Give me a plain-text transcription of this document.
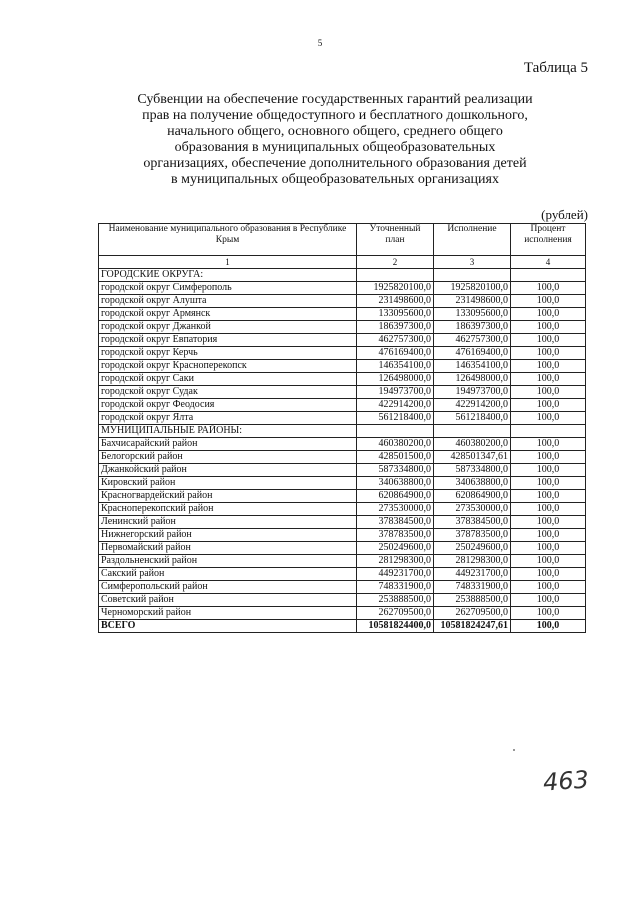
5
Таблица 5
Субвенции на обеспечение государственных гарантий реализации
прав на получение общедоступного и бесплатного дошкольного,
начального общего, основного общего, среднего общего
образования в муниципальных общеобразовательных
организациях, обеспечение дополнительного образования детей
в муниципальных общеобразовательных организациях
(рублей)
Наименование муниципального образования в Республике Крым	Уточненный план	Исполнение	Процент исполнения
1	2	3	4
ГОРОДСКИЕ ОКРУГА:			
городской округ Симферополь	1925820100,0	1925820100,0	100,0
городской округ Алушта	231498600,0	231498600,0	100,0
городской округ Армянск	133095600,0	133095600,0	100,0
городской округ Джанкой	186397300,0	186397300,0	100,0
городской округ Евпатория	462757300,0	462757300,0	100,0
городской округ Керчь	476169400,0	476169400,0	100,0
городской округ Красноперекопск	146354100,0	146354100,0	100,0
городской округ Саки	126498000,0	126498000,0	100,0
городской округ Судак	194973700,0	194973700,0	100,0
городской округ Феодосия	422914200,0	422914200,0	100,0
городской округ Ялта	561218400,0	561218400,0	100,0
МУНИЦИПАЛЬНЫЕ РАЙОНЫ:			
Бахчисарайский район	460380200,0	460380200,0	100,0
Белогорский район	428501500,0	428501347,61	100,0
Джанкойский район	587334800,0	587334800,0	100,0
Кировский район	340638800,0	340638800,0	100,0
Красногвардейский район	620864900,0	620864900,0	100,0
Красноперекопский район	273530000,0	273530000,0	100,0
Ленинский район	378384500,0	378384500,0	100,0
Нижнегорский район	378783500,0	378783500,0	100,0
Первомайский район	250249600,0	250249600,0	100,0
Раздольненский район	281298300,0	281298300,0	100,0
Сакский район	449231700,0	449231700,0	100,0
Симферопольский район	748331900,0	748331900,0	100,0
Советский район	253888500,0	253888500,0	100,0
Черноморский район	262709500,0	262709500,0	100,0
ВСЕГО	10581824400,0	10581824247,61	100,0
463
